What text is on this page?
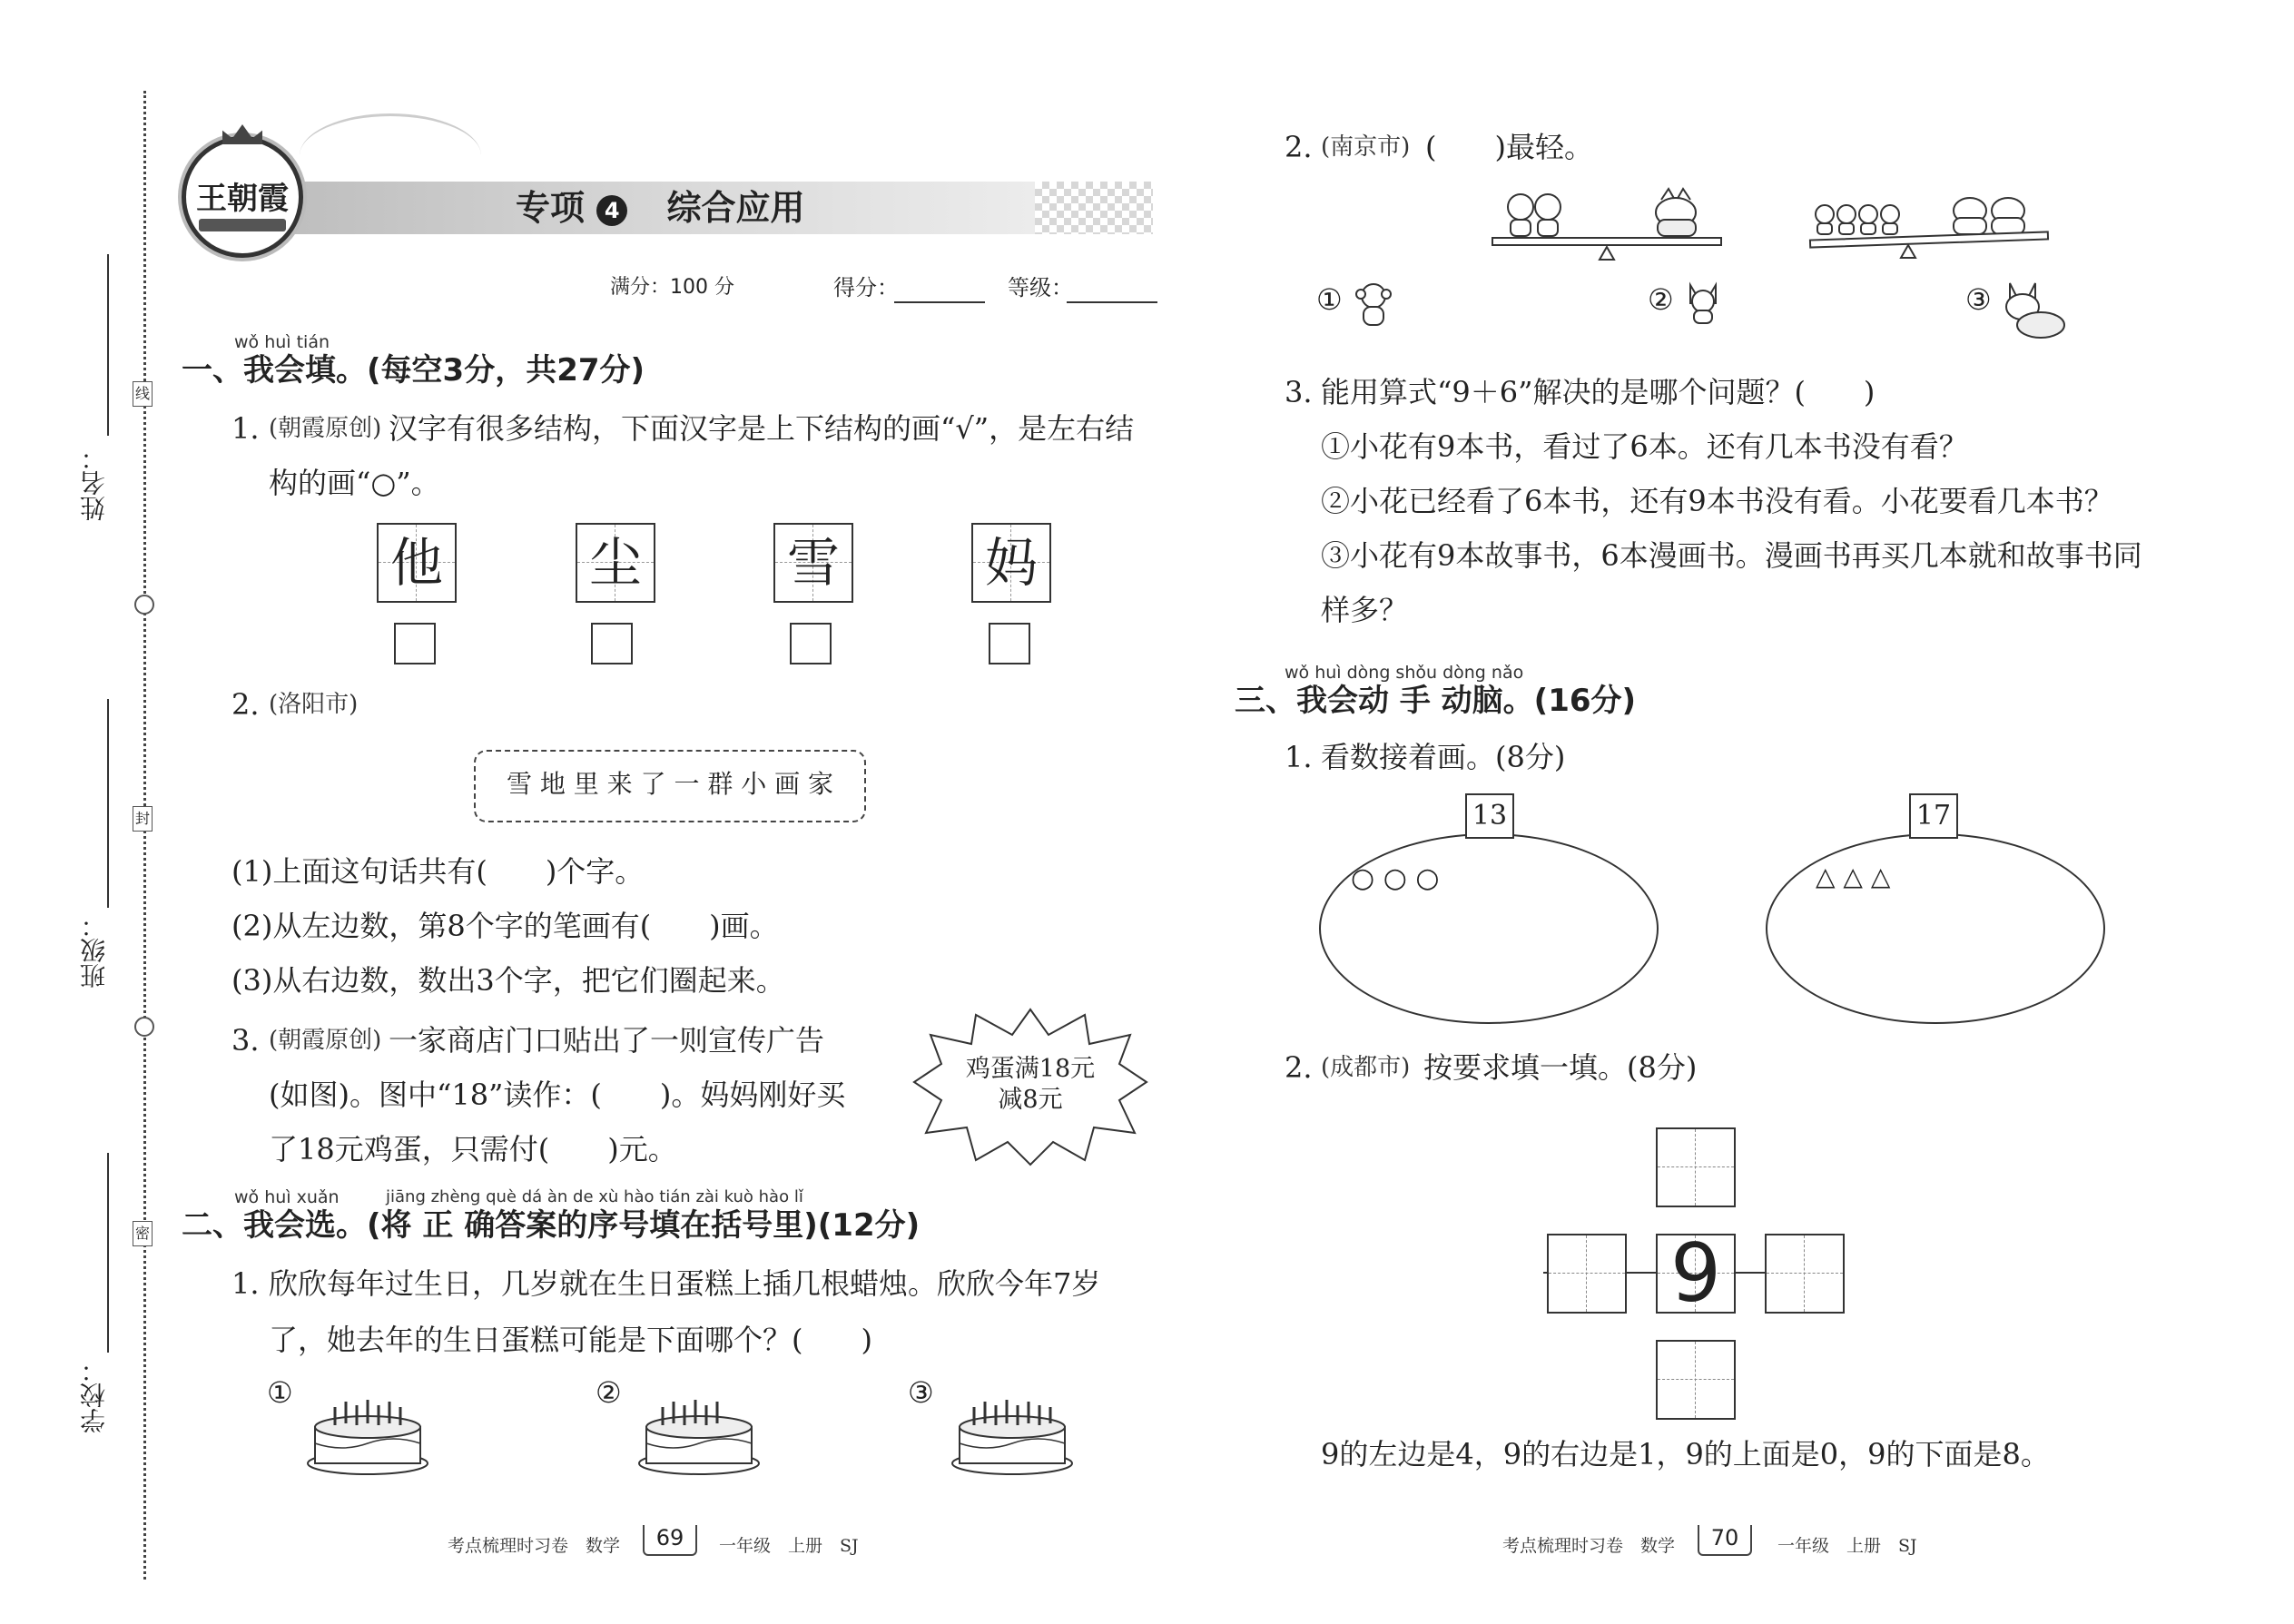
姓名：
班级：
学校：
线
封
密
王朝霞	专项 4 综合应用
满分：100 分	得分：	等级：
wǒ huì tián
一、我会填。(每空3分，共27分)
1. (朝霞原创) 汉字有很多结构，下面汉字是上下结构的画“√”，是左右结
构的画“○”。
他	尘	雪	妈
2. (洛阳市)
雪 地 里 来 了 一 群 小 画 家
(1)上面这句话共有(　　)个字。
(2)从左边数，第8个字的笔画有(　　)画。
(3)从右边数，数出3个字，把它们圈起来。
3. (朝霞原创) 一家商店门口贴出了一则宣传广告
(如图)。图中“18”读作：(　　)。妈妈刚好买
了18元鸡蛋，只需付(　　)元。
鸡蛋满18元
减8元
wǒ huì xuǎn	jiāng zhèng què dá àn de xù hào tián zài kuò hào lǐ
二、我会选。(将 正 确答案的序号填在括号里)(12分)
1. 欣欣每年过生日，几岁就在生日蛋糕上插几根蜡烛。欣欣今年7岁
了，她去年的生日蛋糕可能是下面哪个？(　　)
①	②	③
2. (南京市) (　　)最轻。
①	②	③
3. 能用算式“9＋6”解决的是哪个问题？(　　)
①小花有9本书，看过了6本。还有几本书没有看？
②小花已经看了6本书，还有9本书没有看。小花要看几本书？
③小花有9本故事书，6本漫画书。漫画书再买几本就和故事书同
样多？
wǒ huì dòng shǒu dòng nǎo
三、我会动 手 动脑。(16分)
1. 看数接着画。(8分)
13
○ ○ ○
17
△ △ △
2. (成都市) 按要求填一填。(8分)
9
9的左边是4，9的右边是1，9的上面是0，9的下面是8。
考点梳理时习卷　数学	69	一年级　上册　SJ	考点梳理时习卷　数学	70	一年级　上册　SJ
